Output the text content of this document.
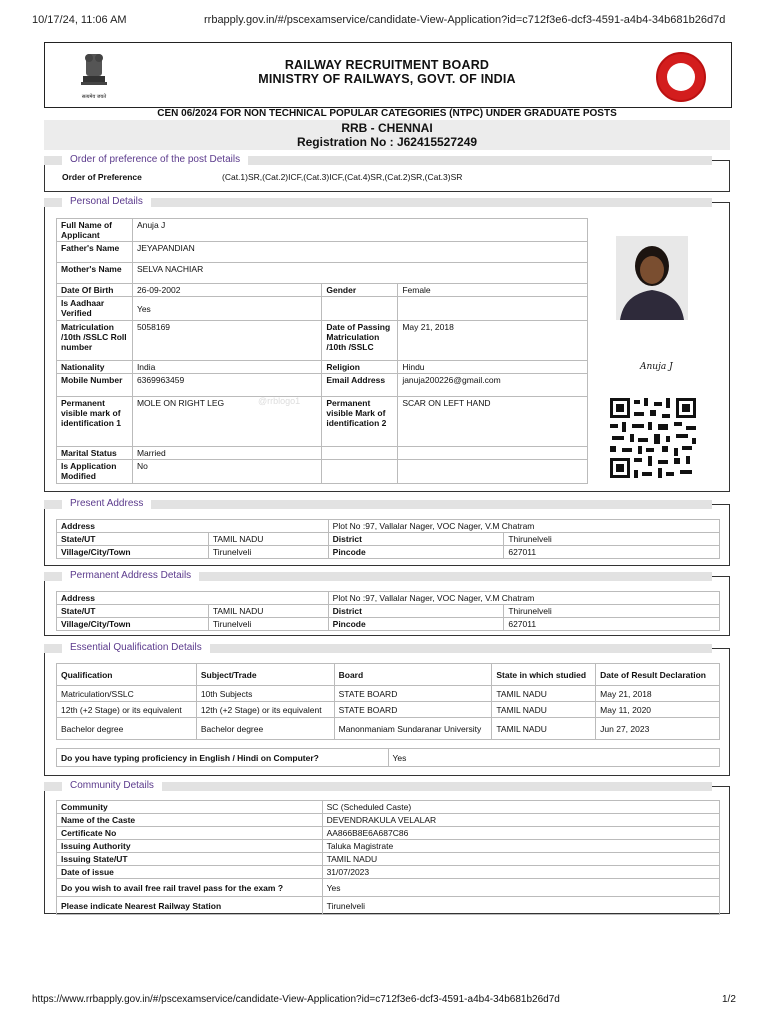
10/17/24, 11:06 AM	rrbapply.gov.in/#/pscexamservice/candidate-View-Application?id=c712f3e6-dcf3-4591-a4b4-34b681b26d7d
सत्यमेव जयते
RAILWAY RECRUITMENT BOARD
MINISTRY OF RAILWAYS, GOVT. OF INDIA
CEN 06/2024 FOR NON TECHNICAL POPULAR CATEGORIES (NTPC) UNDER GRADUATE POSTS
RRB - CHENNAI
Registration No : J62415527249
Order of preference of the post Details
Order of Preference	(Cat.1)SR,(Cat.2)ICF,(Cat.3)ICF,(Cat.4)SR,(Cat.2)SR,(Cat.3)SR
Personal Details
Full Name of Applicant	Anuja J		
Father's Name	JEYAPANDIAN		
Mother's Name	SELVA NACHIAR		
Date Of Birth	26-09-2002	Gender	Female
Is Aadhaar Verified	Yes		
Matriculation /10th /SSLC Roll number	5058169	Date of Passing Matriculation /10th /SSLC	May 21, 2018
Nationality	India	Religion	Hindu
Mobile Number	6369963459	Email Address	januja200226@gmail.com
Permanent visible mark of identification 1	MOLE ON RIGHT LEG	Permanent visible Mark of identification 2	SCAR ON LEFT HAND
Marital Status	Married		
Is Application Modified	No		
@rrblogo1
Anuja J
Present Address
Address		Plot No :97, Vallalar Nager, VOC Nager, V.M Chatram	
State/UT	TAMIL NADU	District	Thirunelveli
Village/City/Town	Tirunelveli	Pincode	627011
Permanent Address Details
Address		Plot No :97, Vallalar Nager, VOC Nager, V.M Chatram	
State/UT	TAMIL NADU	District	Thirunelveli
Village/City/Town	Tirunelveli	Pincode	627011
Essential Qualification Details
Qualification	Subject/Trade	Board	State in which studied	Date of Result Declaration
Matriculation/SSLC	10th Subjects	STATE BOARD	TAMIL NADU	May 21, 2018
12th (+2 Stage) or its equivalent	12th (+2 Stage) or its equivalent	STATE BOARD	TAMIL NADU	May 11, 2020
Bachelor degree	Bachelor degree	Manonmaniam Sundaranar University	TAMIL NADU	Jun 27, 2023
Do you have typing proficiency in English / Hindi on Computer?	Yes
Community Details
Community	SC (Scheduled Caste)
Name of the Caste	DEVENDRAKULA VELALAR
Certificate No	AA866B8E6A687C86
Issuing Authority	Taluka Magistrate
Issuing State/UT	TAMIL NADU
Date of issue	31/07/2023
Do you wish to avail free rail travel pass for the exam ?	Yes
Please indicate Nearest Railway Station	Tirunelveli
https://www.rrbapply.gov.in/#/pscexamservice/candidate-View-Application?id=c712f3e6-dcf3-4591-a4b4-34b681b26d7d	1/2
